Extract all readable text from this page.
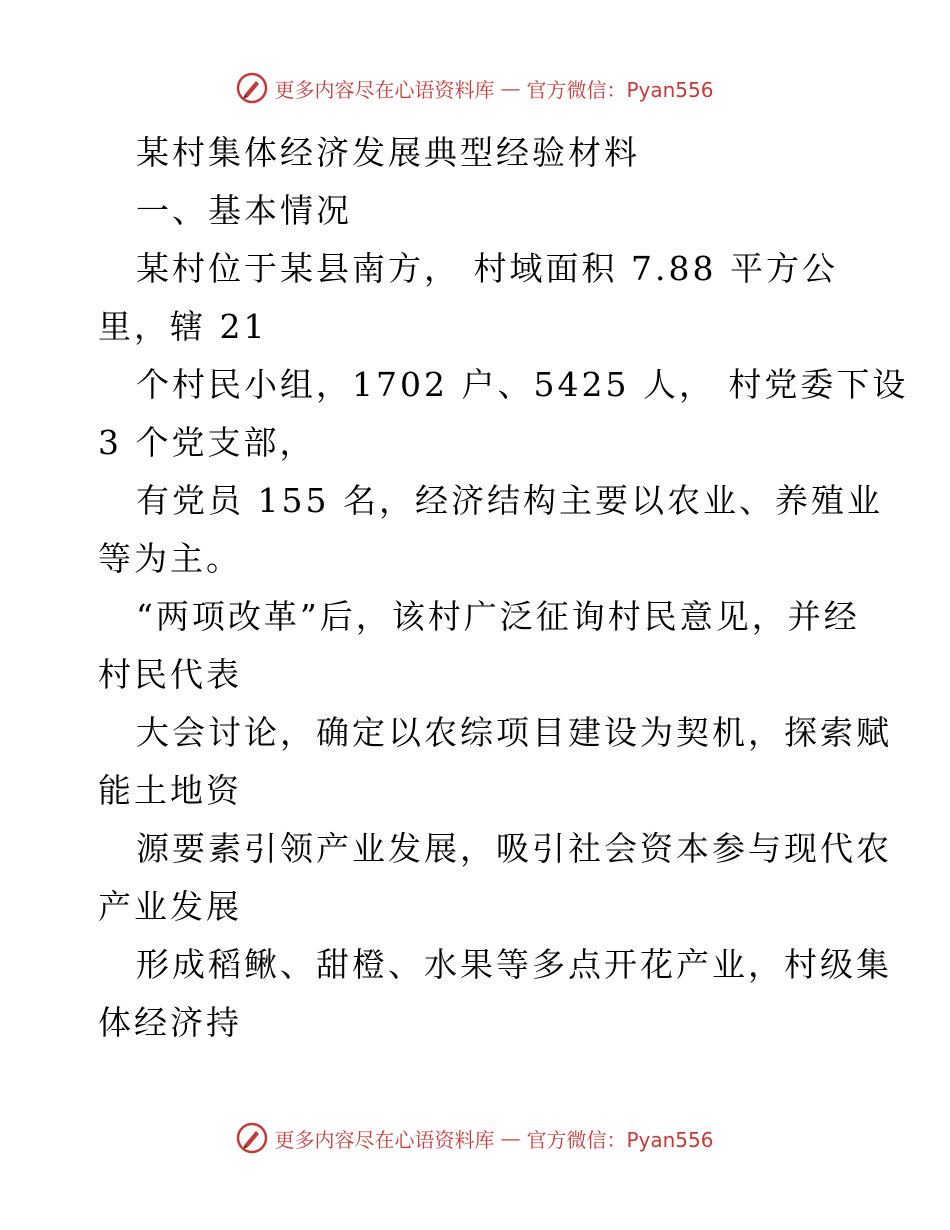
更多内容尽在心语资料库 — 官方微信：Pyan556
某村集体经济发展典型经验材料
一、基本情况
某村位于某县南方， 村域面积 7.88 平方公
里，辖 21
个村民小组，1702 户、5425 人， 村党委下设
3 个党支部，
有党员 155 名，经济结构主要以农业、养殖业
等为主。
“两项改革”后，该村广泛征询村民意见，并经
村民代表
大会讨论，确定以农综项目建设为契机，探索赋
能土地资
源要素引领产业发展，吸引社会资本参与现代农
产业发展
形成稻鳅、甜橙、水果等多点开花产业，村级集
体经济持
更多内容尽在心语资料库 — 官方微信：Pyan556
